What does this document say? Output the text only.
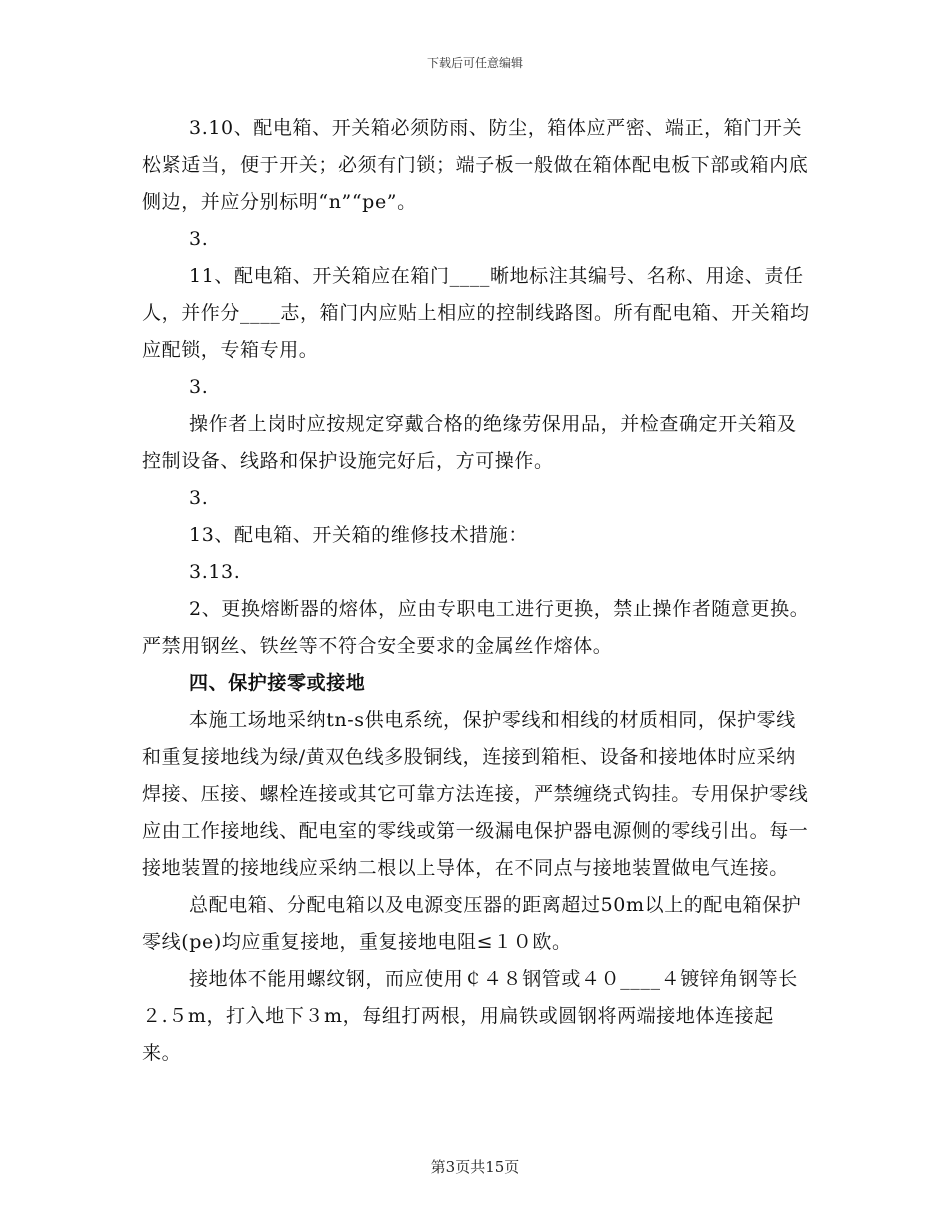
下载后可任意编辑

3.10、配电箱、开关箱必须防雨、防尘，箱体应严密、端正，箱门开关松紧适当，便于开关；必须有门锁；端子板一般做在箱体配电板下部或箱内底侧边，并应分别标明“n”“pe”。

3.

11、配电箱、开关箱应在箱门____晰地标注其编号、名称、用途、责任人，并作分____志，箱门内应贴上相应的控制线路图。所有配电箱、开关箱均应配锁，专箱专用。

3.

操作者上岗时应按规定穿戴合格的绝缘劳保用品，并检查确定开关箱及控制设备、线路和保护设施完好后，方可操作。

3.

13、配电箱、开关箱的维修技术措施：

3.13.

2、更换熔断器的熔体，应由专职电工进行更换，禁止操作者随意更换。严禁用钢丝、铁丝等不符合安全要求的金属丝作熔体。

四、保护接零或接地

本施工场地采纳tn-s供电系统，保护零线和相线的材质相同，保护零线和重复接地线为绿/黄双色线多股铜线，连接到箱柜、设备和接地体时应采纳焊接、压接、螺栓连接或其它可靠方法连接，严禁缠绕式钩挂。专用保护零线应由工作接地线、配电室的零线或第一级漏电保护器电源侧的零线引出。每一接地装置的接地线应采纳二根以上导体，在不同点与接地装置做电气连接。

总配电箱、分配电箱以及电源变压器的距离超过50m以上的配电箱保护零线(pe)均应重复接地，重复接地电阻≤１０欧。

接地体不能用螺纹钢，而应使用￠４８钢管或４０____４镀锌角钢等长２.５m，打入地下３m，每组打两根，用扁铁或圆钢将两端接地体连接起来。

第3页共15页
